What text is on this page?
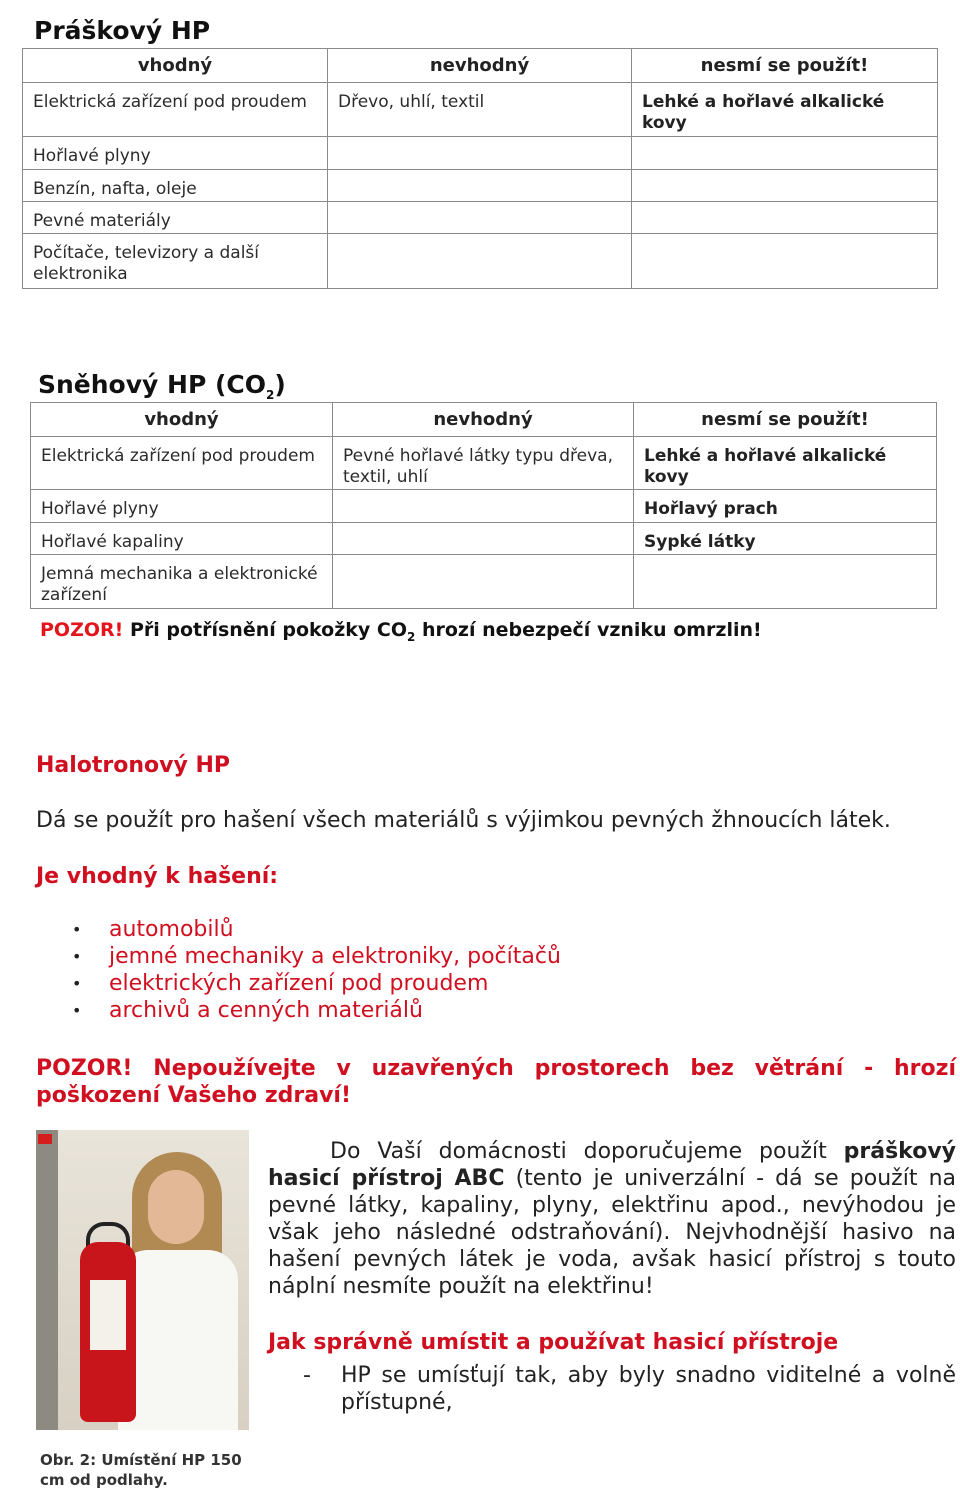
Práškový HP
vhodný	nevhodný	nesmí se použít!
Elektrická zařízení pod proudem	Dřevo, uhlí, textil	Lehké a hořlavé alkalické kovy
Hořlavé plyny		
Benzín, nafta, oleje		
Pevné materiály		
Počítače, televizory a další elektronika		
Sněhový HP $(CO_2)$
vhodný	nevhodný	nesmí se použít!
Elektrická zařízení pod proudem	Pevné hořlavé látky typu dřeva, textil, uhlí	Lehké a hořlavé alkalické kovy
Hořlavé plyny		Hořlavý prach
Hořlavé kapaliny		Sypké látky
Jemná mechanika a elektronické zařízení		
POZOR! Při potřísnění pokožky $CO_2$ hrozí nebezpečí vzniku omrzlin!
Halotronový HP
Dá se použít pro hašení všech materiálů s výjimkou pevných žhnoucích látek.
Je vhodný k hašení:
• automobilů
• jemné mechaniky a elektroniky, počítačů
• elektrických zařízení pod proudem
• archivů a cenných materiálů
POZOR! Nepoužívejte v uzavřených prostorech bez větrání - hrozí poškození Vašeho zdraví!
Do Vaší domácnosti doporučujeme použít práškový hasicí přístroj ABC (tento je univerzální - dá se použít na pevné látky, kapaliny, plyny, elektřinu apod., nevýhodou je však jeho následné odstraňování). Nejvhodnější hasivo na hašení pevných látek je voda, avšak hasicí přístroj s touto náplní nesmíte použít na elektřinu!
Jak správně umístit a používat hasicí přístroje
- HP se umísťují tak, aby byly snadno viditelné a volně přístupné,
Obr. 2: Umístění HP 150 cm od podlahy.
